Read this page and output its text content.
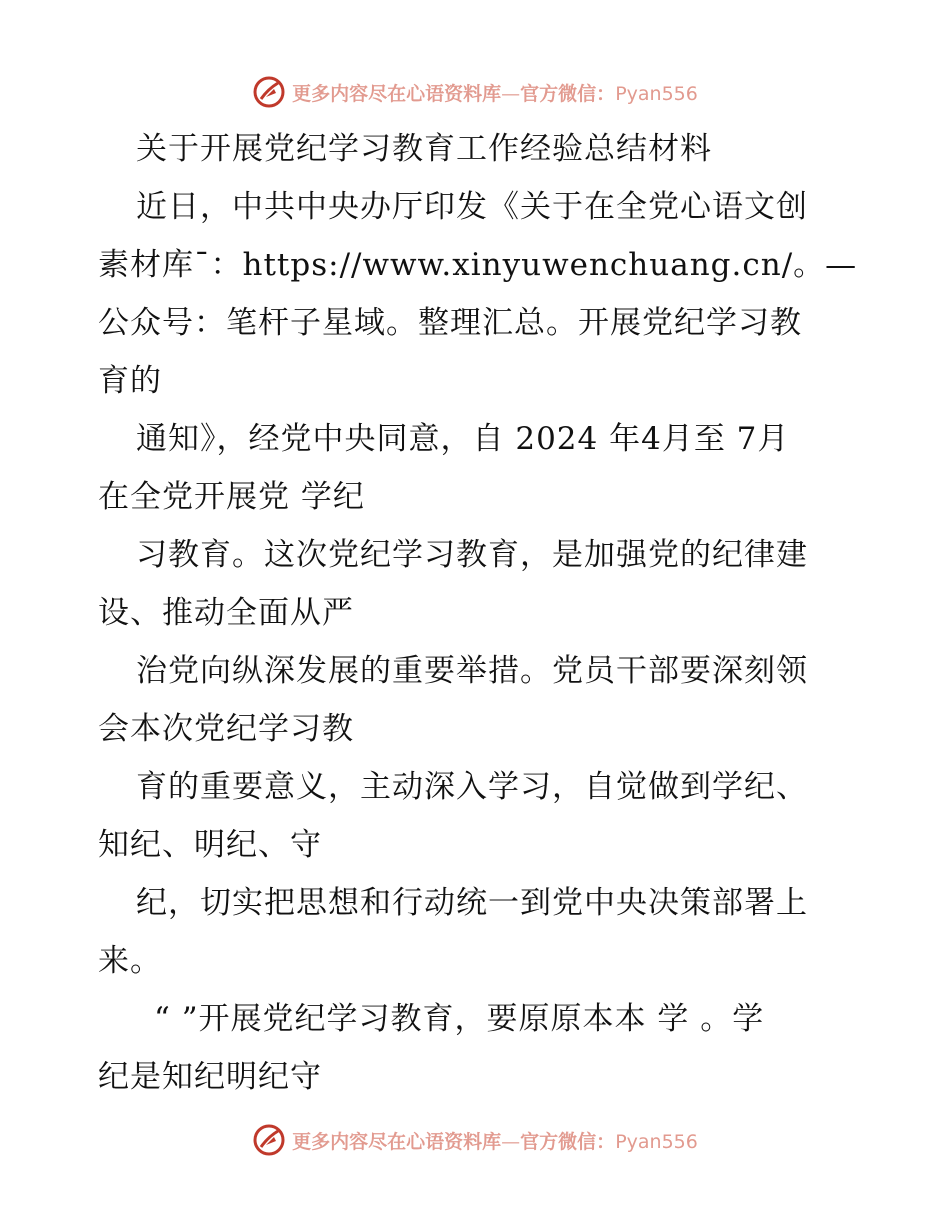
更多内容尽在心语资料库—官方微信：Pyan556
关于开展党纪学习教育工作经验总结材料
近日，中共中央办厅印发《关于在全党心语文创
素材库¯：https://www.xinyuwenchuang.cn/。—
公众号：笔杆子星域。整理汇总。开展党纪学习教
育的
通知》，经党中央同意，自 2024 年4月至 7月
在全党开展党 学纪
习教育。这次党纪学习教育，是加强党的纪律建
设、推动全面从严
治党向纵深发展的重要举措。党员干部要深刻领
会本次党纪学习教
育的重要意义，主动深入学习，自觉做到学纪、
知纪、明纪、守
纪，切实把思想和行动统一到党中央决策部署上
来。
“ ”开展党纪学习教育，要原原本本 学 。学
纪是知纪明纪守
更多内容尽在心语资料库—官方微信：Pyan556
